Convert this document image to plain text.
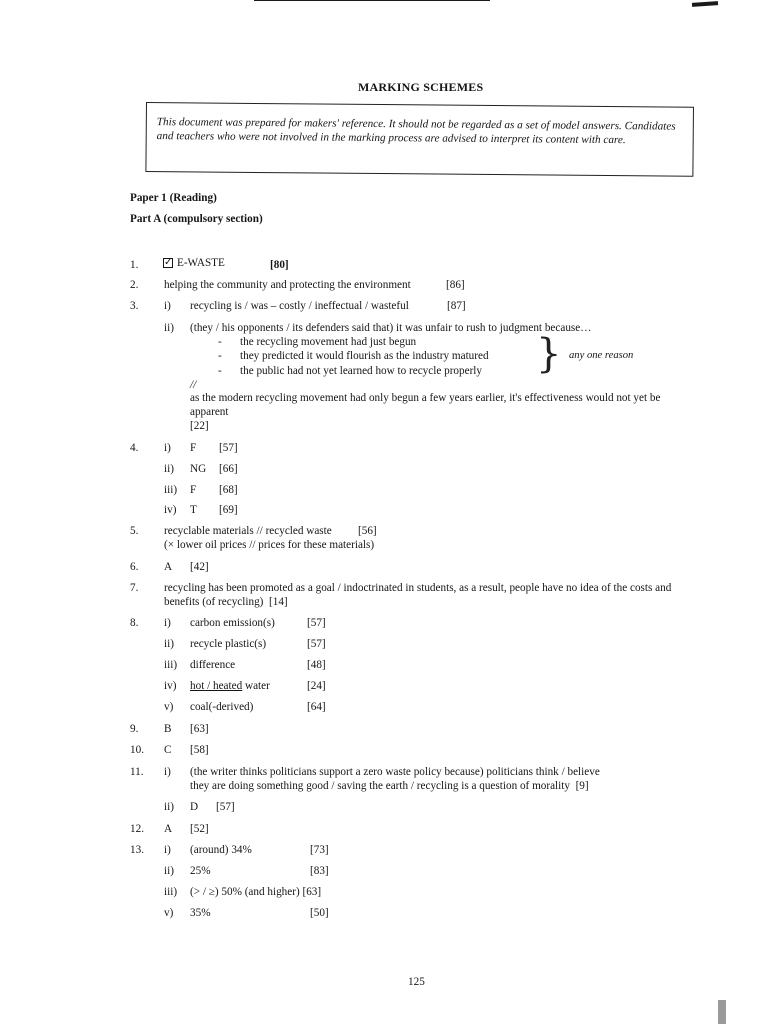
MARKING SCHEMES
This document was prepared for makers' reference. It should not be regarded as a set of model answers. Candidates and teachers who were not involved in the marking process are advised to interpret its content with care.
Paper 1 (Reading)
Part A (compulsory section)
1.	✓ E-WASTE	[80]
2. helping the community and protecting the environment	[86]
3. i) recycling is / was – costly / ineffectual / wasteful	[87]
ii) (they / his opponents / its defenders said that) it was unfair to rush to judgment because…
- the recycling movement had just begun
- they predicted it would flourish as the industry matured
- the public had not yet learned how to recycle properly } any one reason
//
as the modern recycling movement had only begun a few years earlier, it's effectiveness would not yet be apparent
[22]
4. i) F [57]
ii) NG [66]
iii) F [68]
iv) T [69]
5. recyclable materials // recycled waste [56]
(× lower oil prices // prices for these materials)
6. A [42]
7. recycling has been promoted as a goal / indoctrinated in students, as a result, people have no idea of the costs and benefits (of recycling) [14]
8. i) carbon emission(s)	[57]
ii) recycle plastic(s)	[57]
iii) difference	[48]
iv) hot / heated water	[24]
v) coal(-derived)	[64]
9. B [63]
10. C [58]
11. i) (the writer thinks politicians support a zero waste policy because) politicians think / believe
they are doing something good / saving the earth / recycling is a question of morality [9]
ii) D [57]
12. A [52]
13. i) (around) 34%	[73]
ii) 25%	[83]
iii) (> / ≥) 50% (and higher) [63]
v) 35%	[50]
125
